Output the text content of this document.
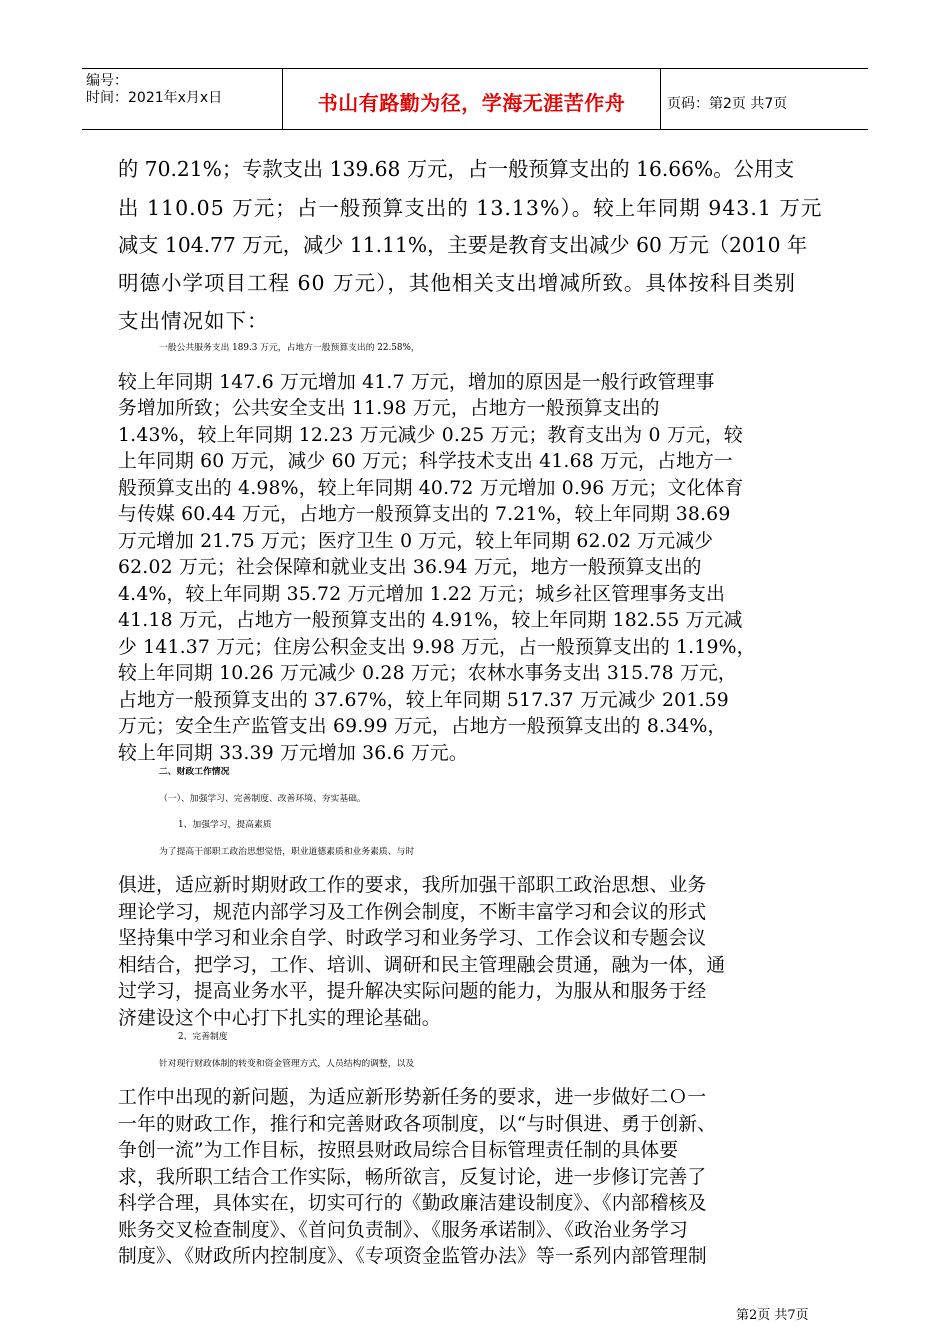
编号：
时间：2021年x月x日	书山有路勤为径，学海无涯苦作舟	页码：第2页 共7页
的 70.21%；专款支出 139.68 万元，占一般预算支出的 16.66%。公用支
出 110.05 万元；占一般预算支出的 13.13%）。较上年同期 943.1 万元
减支 104.77 万元，减少 11.11%，主要是教育支出减少 60 万元（2010 年
明德小学项目工程 60 万元），其他相关支出增减所致。具体按科目类别
支出情况如下：
一般公共服务支出 189.3 万元，占地方一般预算支出的 22.58%，
较上年同期 147.6 万元增加 41.7 万元，增加的原因是一般行政管理事
务增加所致；公共安全支出 11.98 万元，占地方一般预算支出的
1.43%，较上年同期 12.23 万元减少 0.25 万元；教育支出为 0 万元，较
上年同期 60 万元，减少 60 万元；科学技术支出 41.68 万元，占地方一
般预算支出的 4.98%，较上年同期 40.72 万元增加 0.96 万元；文化体育
与传媒 60.44 万元，占地方一般预算支出的 7.21%，较上年同期 38.69
万元增加 21.75 万元；医疗卫生 0 万元，较上年同期 62.02 万元减少
62.02 万元；社会保障和就业支出 36.94 万元，地方一般预算支出的
4.4%，较上年同期 35.72 万元增加 1.22 万元；城乡社区管理事务支出
41.18 万元，占地方一般预算支出的 4.91%，较上年同期 182.55 万元减
少 141.37 万元；住房公积金支出 9.98 万元，占一般预算支出的 1.19%，
较上年同期 10.26 万元减少 0.28 万元；农林水事务支出 315.78 万元，
占地方一般预算支出的 37.67%，较上年同期 517.37 万元减少 201.59
万元；安全生产监管支出 69.99 万元，占地方一般预算支出的 8.34%，
较上年同期 33.39 万元增加 36.6 万元。
二、财政工作情况
（一）、加强学习、完善制度、改善环境、夯实基础。
1、加强学习，提高素质
为了提高干部职工政治思想觉悟，职业道德素质和业务素质、与时
俱进，适应新时期财政工作的要求，我所加强干部职工政治思想、业务
理论学习，规范内部学习及工作例会制度，不断丰富学习和会议的形式
坚持集中学习和业余自学、时政学习和业务学习、工作会议和专题会议
相结合，把学习，工作、培训、调研和民主管理融会贯通，融为一体，通
过学习，提高业务水平，提升解决实际问题的能力，为服从和服务于经
济建设这个中心打下扎实的理论基础。
2、完善制度
针对现行财政体制的转变和资金管理方式，人员结构的调整，以及
工作中出现的新问题，为适应新形势新任务的要求，进一步做好二Ｏ一
一年的财政工作，推行和完善财政各项制度，以“与时俱进、勇于创新、
争创一流”为工作目标，按照县财政局综合目标管理责任制的具体要
求，我所职工结合工作实际，畅所欲言，反复讨论，进一步修订完善了
科学合理，具体实在，切实可行的《勤政廉洁建设制度》、《内部稽核及
账务交叉检查制度》、《首问负责制》、《服务承诺制》、《政治业务学习
制度》、《财政所内控制度》、《专项资金监管办法》等一系列内部管理制
第2页 共7页
